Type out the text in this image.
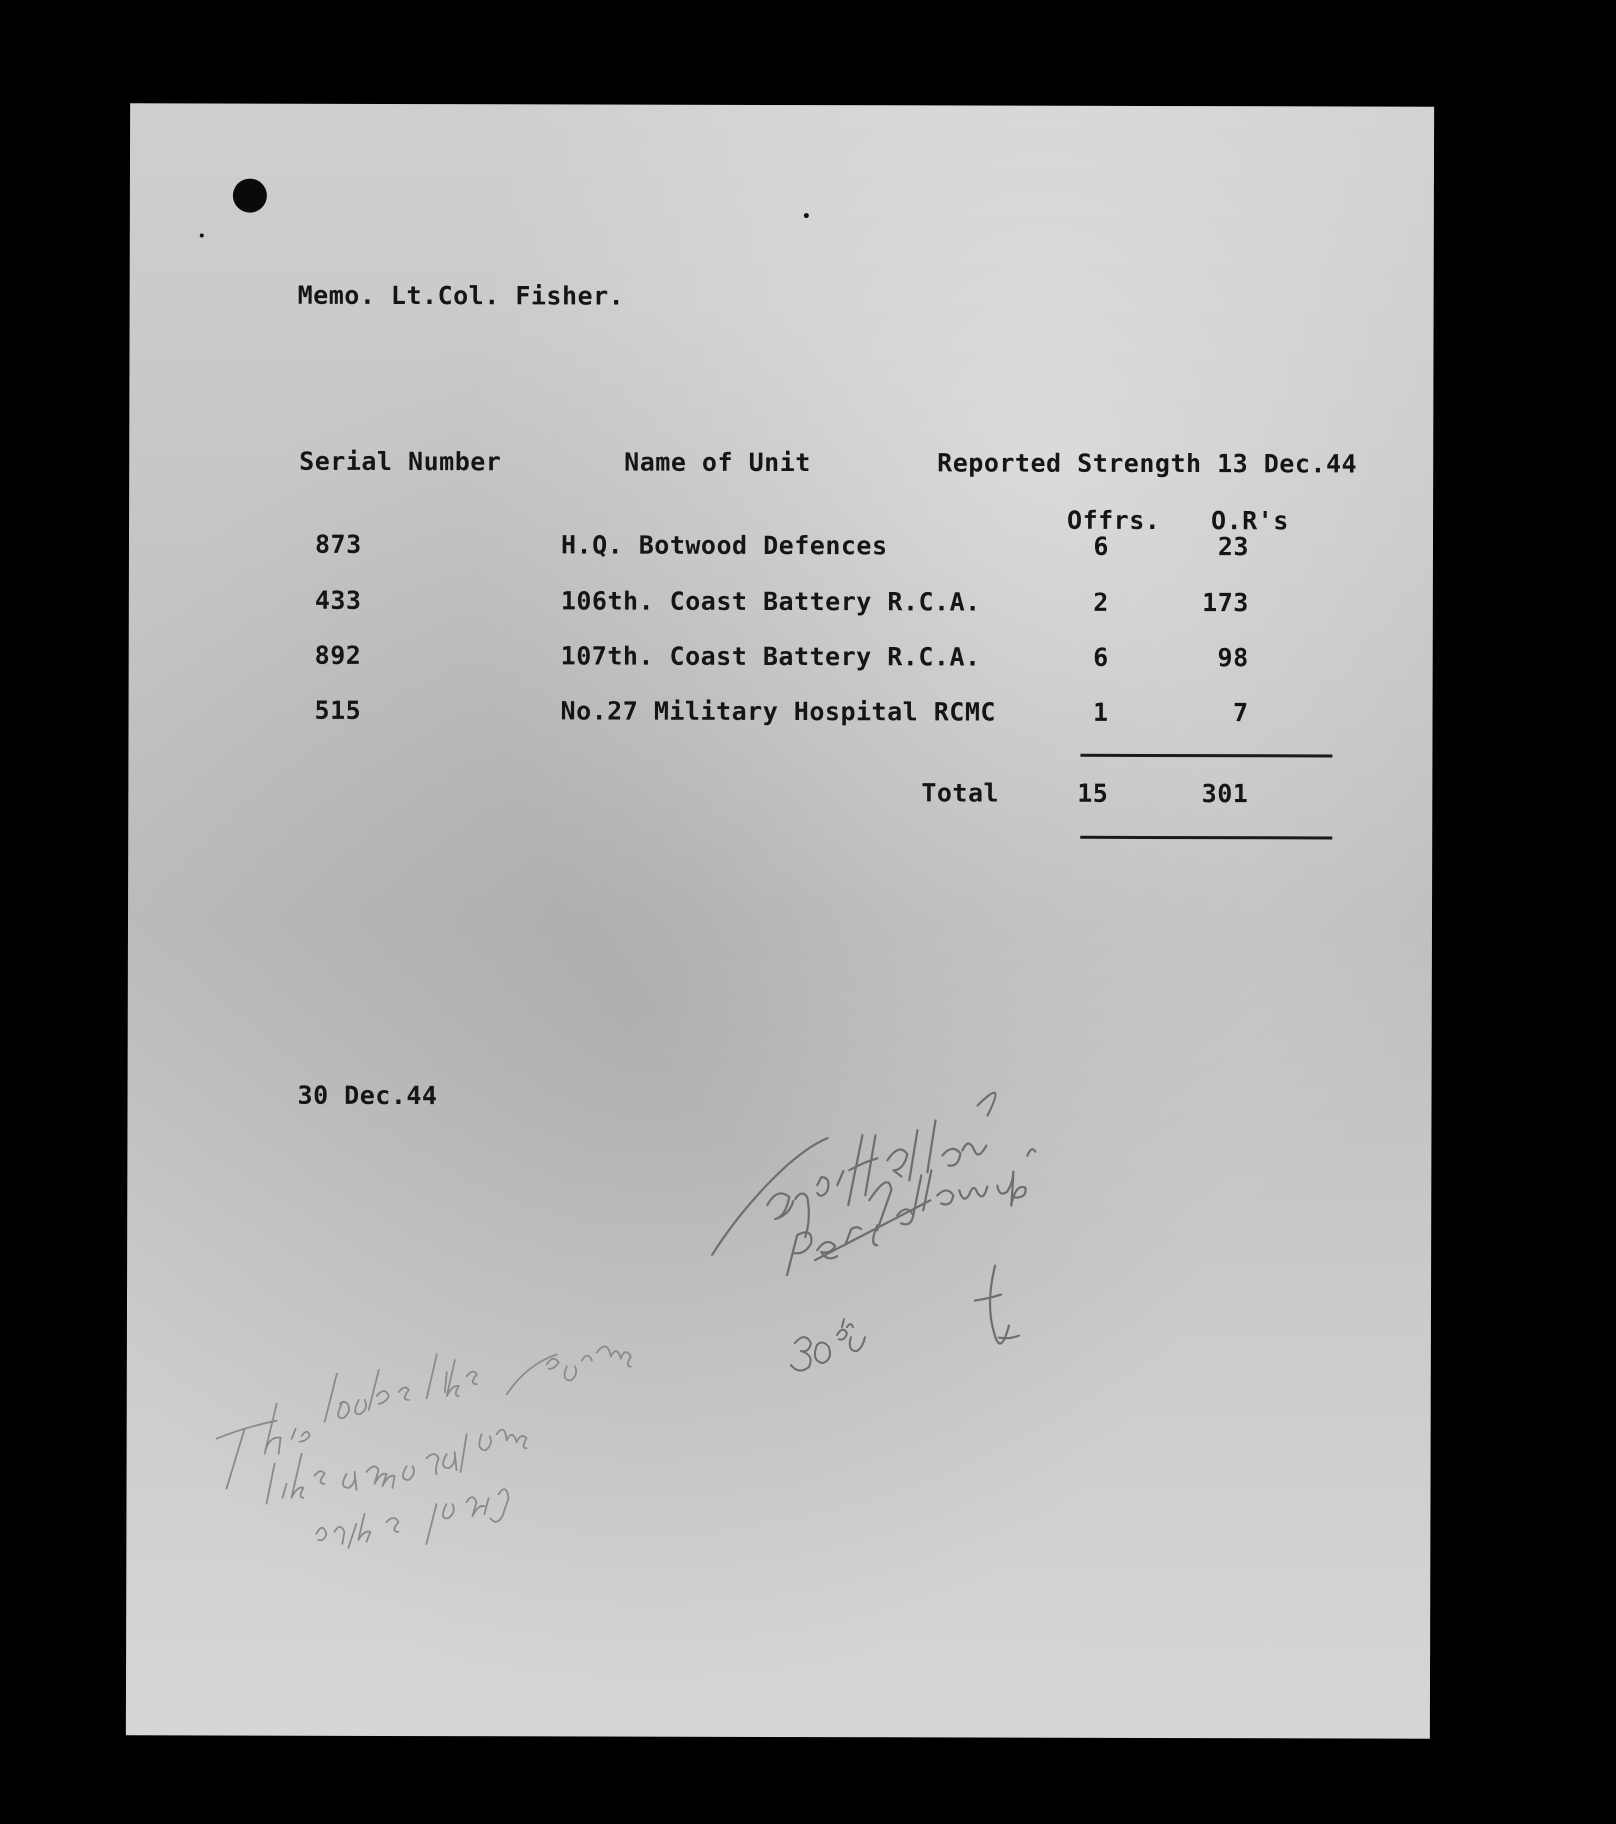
Memo. Lt.Col. Fisher.
Serial Number	Name of Unit	Reported Strength 13 Dec.44
Offrs. O.R's
873	H.Q. Botwood Defences	6	23
433	106th. Coast Battery R.C.A.	2	173
892	107th. Coast Battery R.C.A.	6	98
515	No.27 Military Hospital RCMC	1	7
Total	15	301
30 Dec.44
